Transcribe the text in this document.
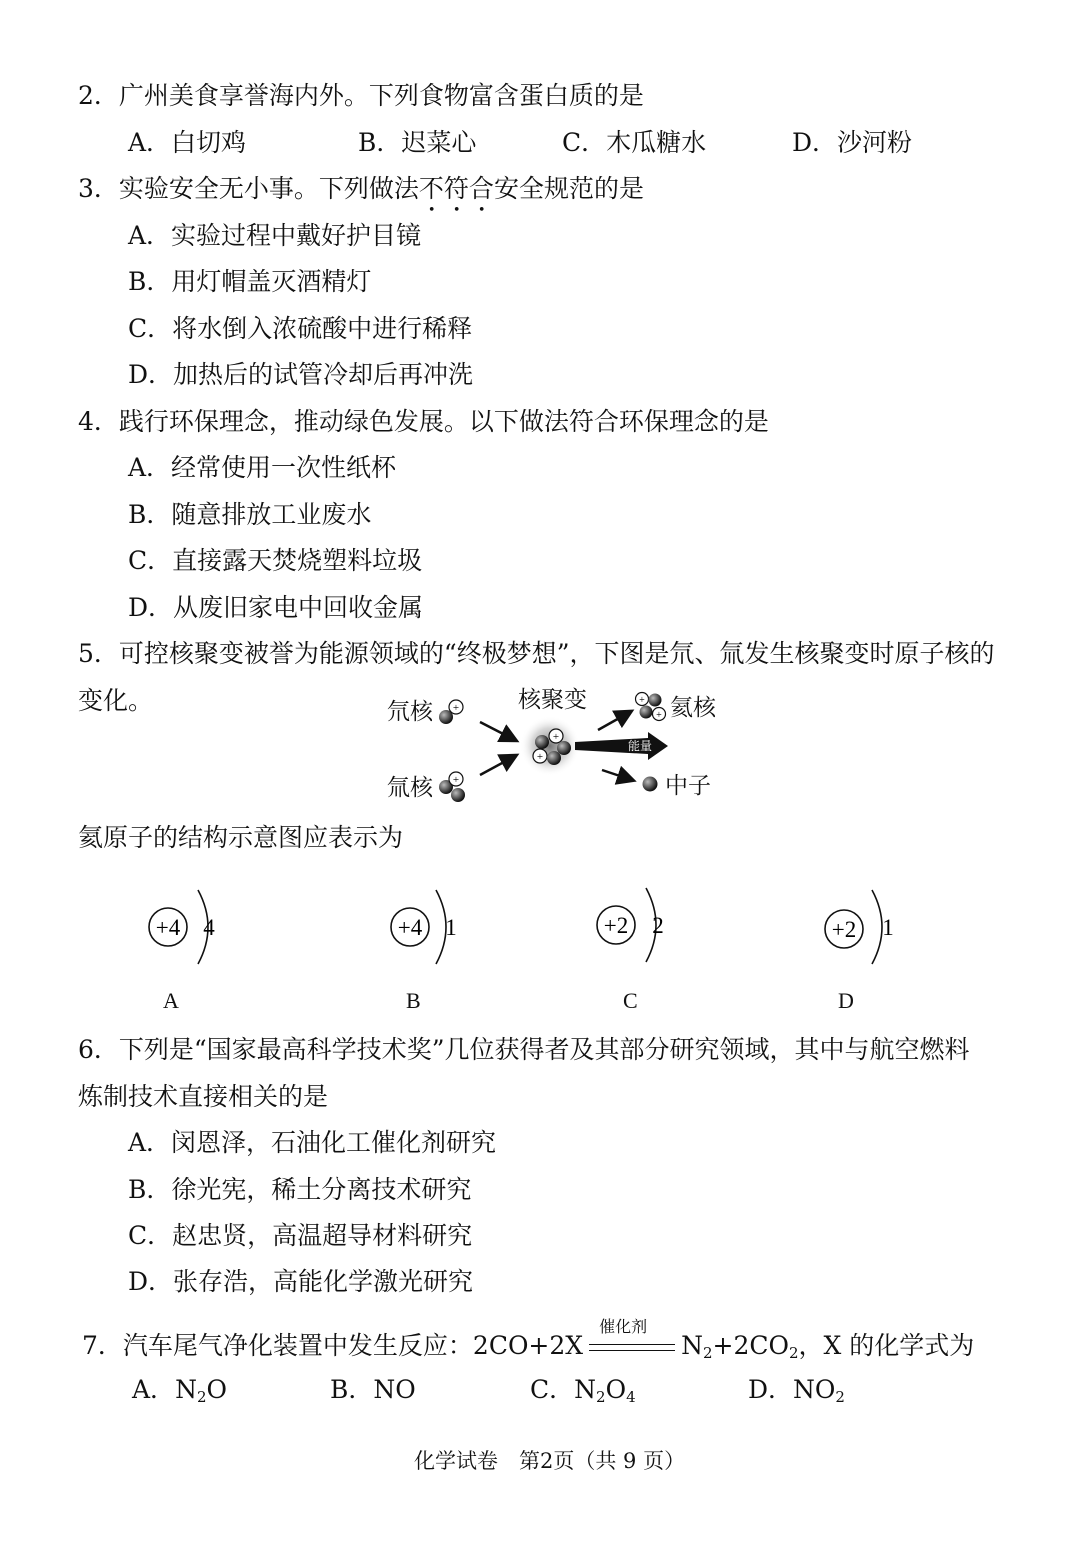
2．广州美食享誉海内外。下列食物富含蛋白质的是
A．白切鸡	B．迟菜心	C．木瓜糖水	D．沙河粉
3．实验安全无小事。下列做法不符合安全规范的是
A．实验过程中戴好护目镜
B．用灯帽盖灭酒精灯
C．将水倒入浓硫酸中进行稀释
D．加热后的试管冷却后再冲洗
4．践行环保理念，推动绿色发展。以下做法符合环保理念的是
A．经常使用一次性纸杯
B．随意排放工业废水
C．直接露天焚烧塑料垃圾
D．从废旧家电中回收金属
5．可控核聚变被誉为能源领域的“终极梦想”，下图是氘、氚发生核聚变时原子核的
变化。	+
+
+
+
+
+
氘核
氚核
核聚变	氦核
中子
能量
氦原子的结构示意图应表示为
+4 4
A
+4 1
B
+2 2
C
+2 1
D
6．下列是“国家最高科学技术奖”几位获得者及其部分研究领域，其中与航空燃料
炼制技术直接相关的是
A．闵恩泽，石油化工催化剂研究
B．徐光宪，稀土分离技术研究
C．赵忠贤，高温超导材料研究
D．张存浩，高能化学激光研究
7．汽车尾气净化装置中发生反应：2CO+2X
催化剂
$N_2+2CO_2$，X 的化学式为
A．$N_2O$	B．NO	C．$N_2O_4$	D．$NO_2$
化学试卷　第2页（共 9 页）
